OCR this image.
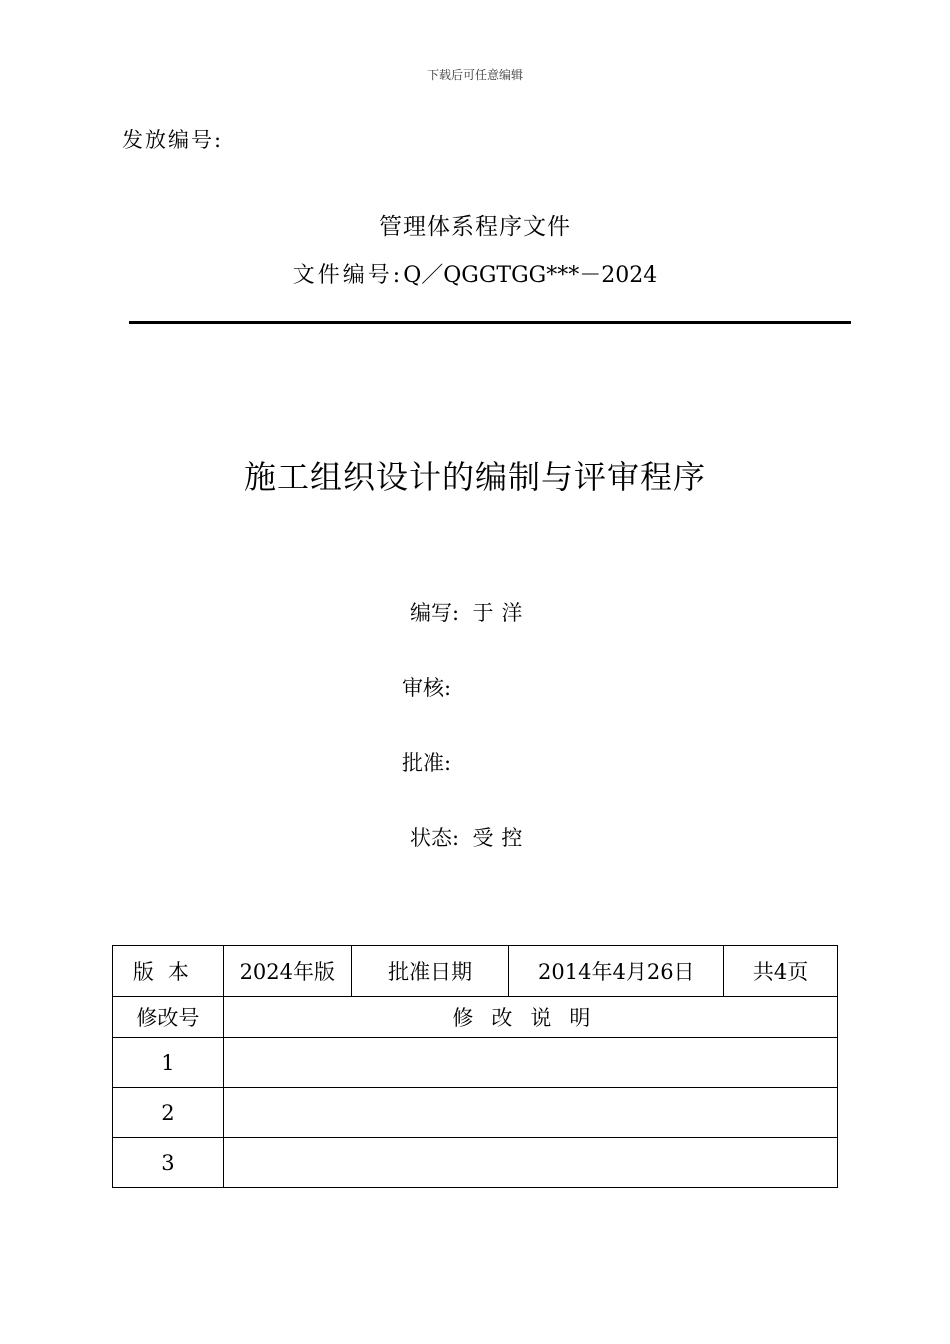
下载后可任意编辑
发放编号:
管理体系程序文件
文件编号:Q／QGGTGG***－2024
施工组织设计的编制与评审程序
编写: 于洋
审核:
批准:
状态: 受控
版本	2024年版	批准日期	2014年4月26日	共4页
修改号	修改说明			
1				
2				
3				
